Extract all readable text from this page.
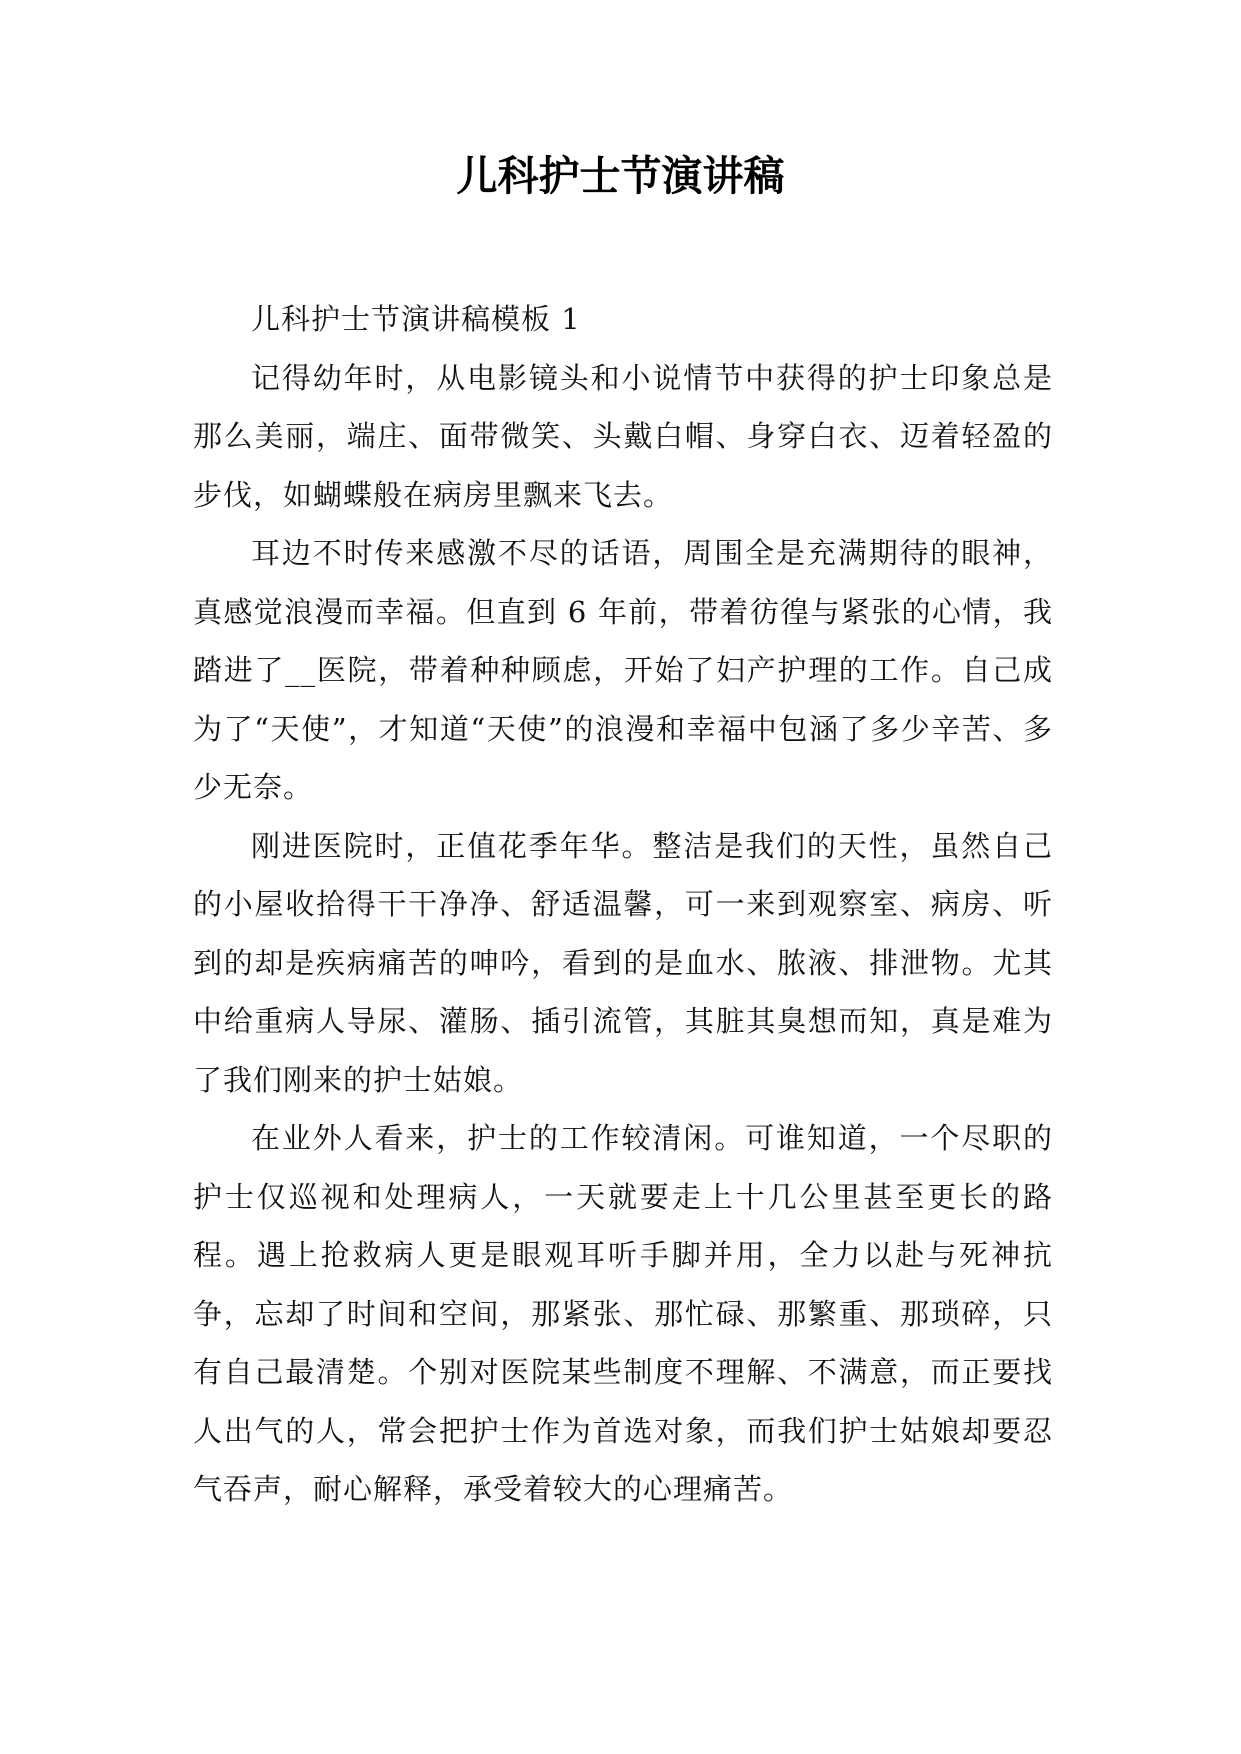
儿科护士节演讲稿

儿科护士节演讲稿模板 1

记得幼年时，从电影镜头和小说情节中获得的护士印象总是那么美丽，端庄、面带微笑、头戴白帽、身穿白衣、迈着轻盈的步伐，如蝴蝶般在病房里飘来飞去。

耳边不时传来感激不尽的话语，周围全是充满期待的眼神，真感觉浪漫而幸福。但直到 6 年前，带着彷徨与紧张的心情，我踏进了__医院，带着种种顾虑，开始了妇产护理的工作。自己成为了“天使”，才知道“天使”的浪漫和幸福中包涵了多少辛苦、多少无奈。

刚进医院时，正值花季年华。整洁是我们的天性，虽然自己的小屋收拾得干干净净、舒适温馨，可一来到观察室、病房、听到的却是疾病痛苦的呻吟，看到的是血水、脓液、排泄物。尤其中给重病人导尿、灌肠、插引流管，其脏其臭想而知，真是难为了我们刚来的护士姑娘。

在业外人看来，护士的工作较清闲。可谁知道，一个尽职的护士仅巡视和处理病人，一天就要走上十几公里甚至更长的路程。遇上抢救病人更是眼观耳听手脚并用，全力以赴与死神抗争，忘却了时间和空间，那紧张、那忙碌、那繁重、那琐碎，只有自己最清楚。个别对医院某些制度不理解、不满意，而正要找人出气的人，常会把护士作为首选对象，而我们护士姑娘却要忍气吞声，耐心解释，承受着较大的心理痛苦。
